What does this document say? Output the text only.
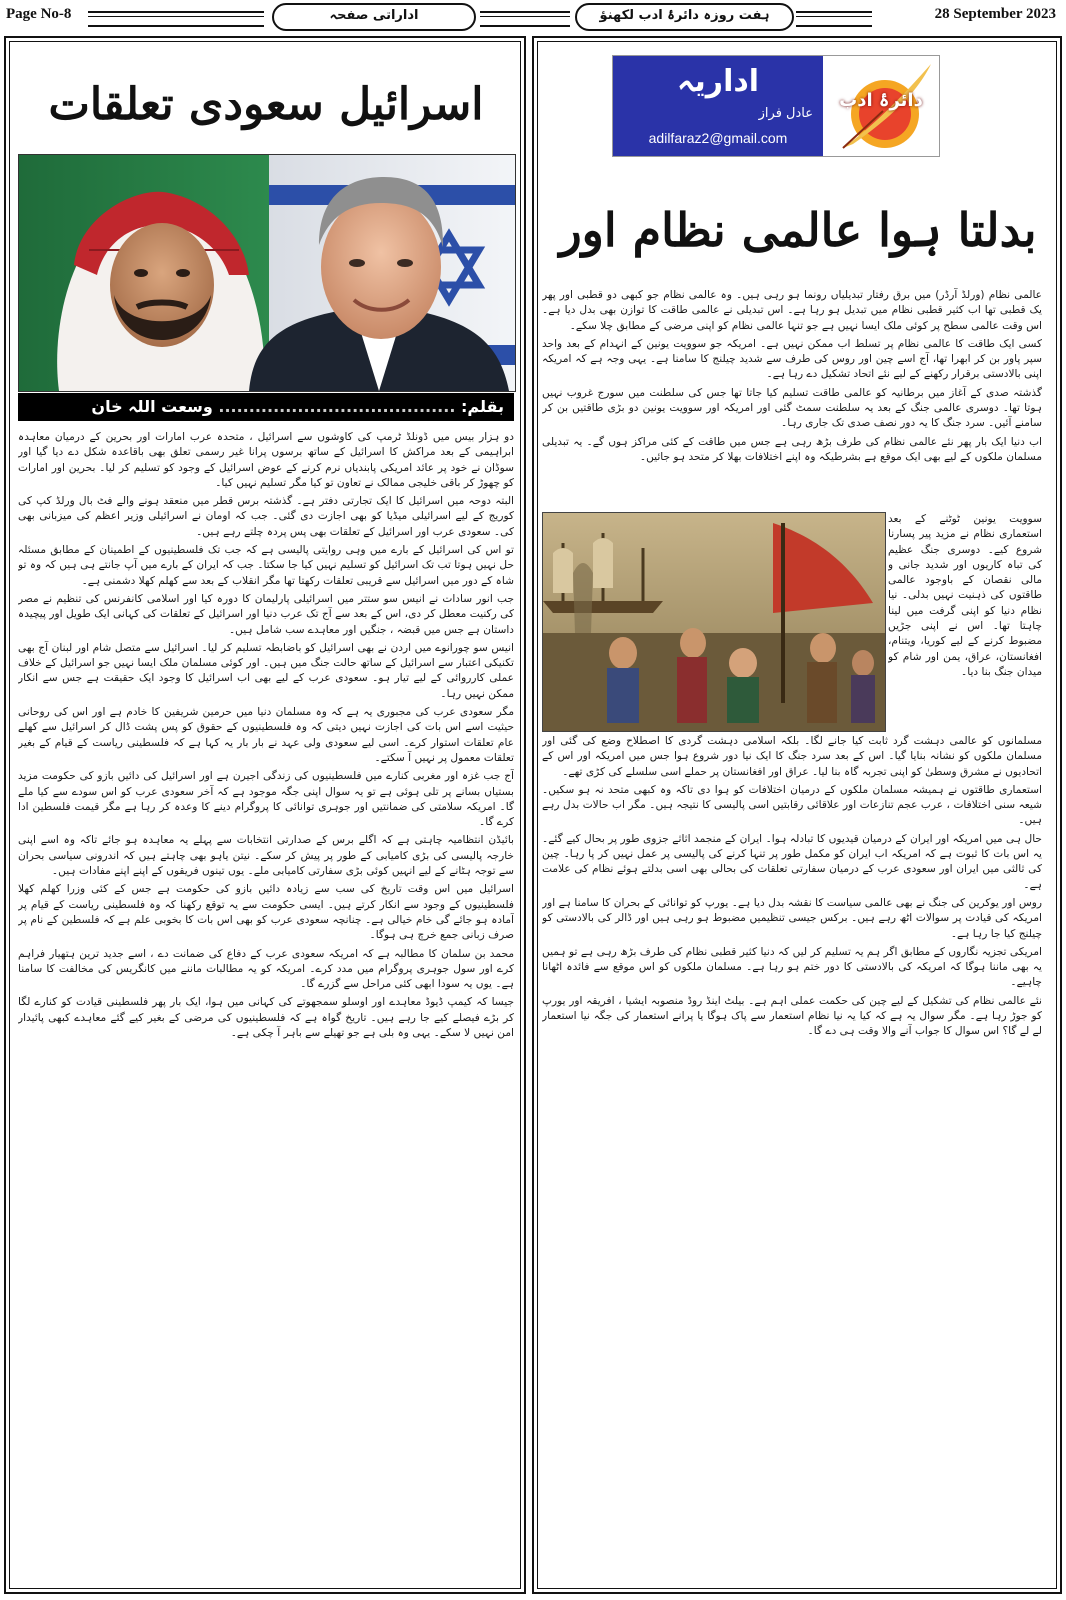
Page No-8	اداراتی صفحہ	ہفت روزہ دائرۂ ادب لکھنؤ	28 September 2023
اسرائیل سعودی تعلقات
بقلم: ....................................... وسعت اللہ خان

دو ہزار بیس میں ڈونلڈ ٹرمپ کی کاوشوں سے اسرائیل ، متحدہ عرب امارات اور بحرین کے درمیان معاہدہ ابراہیمی کے بعد مراکش کا اسرائیل کے ساتھ برسوں پرانا غیر رسمی تعلق بھی باقاعدہ شکل دے دیا گیا اور سوڈان نے خود پر عائد امریکی پابندیاں نرم کرنے کے عوض اسرائیل کے وجود کو تسلیم کر لیا۔ بحرین اور امارات کو چھوڑ کر باقی خلیجی ممالک نے تعاون تو کیا مگر تسلیم نہیں کیا۔

البتہ دوحہ میں اسرائیل کا ایک تجارتی دفتر ہے۔ گذشتہ برس قطر میں منعقد ہونے والے فٹ بال ورلڈ کپ کی کوریج کے لیے اسرائیلی میڈیا کو بھی اجازت دی گئی۔ جب کہ اومان نے اسرائیلی وزیر اعظم کی میزبانی بھی کی۔ سعودی عرب اور اسرائیل کے تعلقات بھی پس پردہ چلتے رہے ہیں۔

تو اس کی اسرائیل کے بارے میں وہی روایتی پالیسی ہے کہ جب تک فلسطینیوں کے اطمینان کے مطابق مسئلہ حل نہیں ہوتا تب تک اسرائیل کو تسلیم نہیں کیا جا سکتا۔ جب کہ ایران کے بارے میں آپ جانتے ہی ہیں کہ وہ تو شاہ کے دور میں اسرائیل سے قریبی تعلقات رکھتا تھا مگر انقلاب کے بعد سے کھلم کھلا دشمنی ہے۔

جب انور سادات نے انیس سو ستتر میں اسرائیلی پارلیمان کا دورہ کیا اور اسلامی کانفرنس کی تنظیم نے مصر کی رکنیت معطل کر دی، اس کے بعد سے آج تک عرب دنیا اور اسرائیل کے تعلقات کی کہانی ایک طویل اور پیچیدہ داستان ہے جس میں قبضہ ، جنگیں اور معاہدے سب شامل ہیں۔

انیس سو چورانوے میں اردن نے بھی اسرائیل کو باضابطہ تسلیم کر لیا۔ اسرائیل سے متصل شام اور لبنان آج بھی تکنیکی اعتبار سے اسرائیل کے ساتھ حالت جنگ میں ہیں۔ اور کوئی مسلمان ملک ایسا نہیں جو اسرائیل کے خلاف عملی کارروائی کے لیے تیار ہو۔ سعودی عرب کے لیے بھی اب اسرائیل کا وجود ایک حقیقت ہے جس سے انکار ممکن نہیں رہا۔

مگر سعودی عرب کی مجبوری یہ ہے کہ وہ مسلمان دنیا میں حرمین شریفین کا خادم ہے اور اس کی روحانی حیثیت اسے اس بات کی اجازت نہیں دیتی کہ وہ فلسطینیوں کے حقوق کو پس پشت ڈال کر اسرائیل سے کھلے عام تعلقات استوار کرے۔ اسی لیے سعودی ولی عہد نے بار بار یہ کہا ہے کہ فلسطینی ریاست کے قیام کے بغیر تعلقات معمول پر نہیں آ سکتے۔

آج جب غزہ اور مغربی کنارے میں فلسطینیوں کی زندگی اجیرن ہے اور اسرائیل کی دائیں بازو کی حکومت مزید بستیاں بسانے پر تلی ہوئی ہے تو یہ سوال اپنی جگہ موجود ہے کہ آخر سعودی عرب کو اس سودے سے کیا ملے گا۔ امریکہ سلامتی کی ضمانتیں اور جوہری توانائی کا پروگرام دینے کا وعدہ کر رہا ہے مگر قیمت فلسطین ادا کرے گا۔

بائیڈن انتظامیہ چاہتی ہے کہ اگلے برس کے صدارتی انتخابات سے پہلے یہ معاہدہ ہو جائے تاکہ وہ اسے اپنی خارجہ پالیسی کی بڑی کامیابی کے طور پر پیش کر سکے۔ نیتن یاہو بھی چاہتے ہیں کہ اندرونی سیاسی بحران سے توجہ ہٹانے کے لیے انہیں کوئی بڑی سفارتی کامیابی ملے۔ یوں تینوں فریقوں کے اپنے اپنے مفادات ہیں۔

اسرائیل میں اس وقت تاریخ کی سب سے زیادہ دائیں بازو کی حکومت ہے جس کے کئی وزرا کھلم کھلا فلسطینیوں کے وجود سے انکار کرتے ہیں۔ ایسی حکومت سے یہ توقع رکھنا کہ وہ فلسطینی ریاست کے قیام پر آمادہ ہو جائے گی خام خیالی ہے۔ چنانچہ سعودی عرب کو بھی اس بات کا بخوبی علم ہے کہ فلسطین کے نام پر صرف زبانی جمع خرچ ہی ہوگا۔

محمد بن سلمان کا مطالبہ ہے کہ امریکہ سعودی عرب کے دفاع کی ضمانت دے ، اسے جدید ترین ہتھیار فراہم کرے اور سول جوہری پروگرام میں مدد کرے۔ امریکہ کو یہ مطالبات ماننے میں کانگریس کی مخالفت کا سامنا ہے۔ یوں یہ سودا ابھی کئی مراحل سے گزرے گا۔

جیسا کہ کیمپ ڈیوڈ معاہدے اور اوسلو سمجھوتے کی کہانی میں ہوا، ایک بار پھر فلسطینی قیادت کو کنارے لگا کر بڑے فیصلے کیے جا رہے ہیں۔ تاریخ گواہ ہے کہ فلسطینیوں کی مرضی کے بغیر کیے گئے معاہدے کبھی پائیدار امن نہیں لا سکے۔ یہی وہ بلی ہے جو تھیلے سے باہر آ چکی ہے۔

اداریہ
عادل فراز
adilfaraz2@gmail.com
دائرۂ ادب
بدلتا ہوا عالمی نظام اور

عالمی نظام (ورلڈ آرڈر) میں برق رفتار تبدیلیاں رونما ہو رہی ہیں۔ وہ عالمی نظام جو کبھی دو قطبی اور پھر یک قطبی تھا اب کثیر قطبی نظام میں تبدیل ہو رہا ہے۔ اس تبدیلی نے عالمی طاقت کا توازن بھی بدل دیا ہے۔ اس وقت عالمی سطح پر کوئی ملک ایسا نہیں ہے جو تنہا عالمی نظام کو اپنی مرضی کے مطابق چلا سکے۔

کسی ایک طاقت کا عالمی نظام پر تسلط اب ممکن نہیں ہے۔ امریکہ جو سوویت یونین کے انہدام کے بعد واحد سپر پاور بن کر ابھرا تھا، آج اسے چین اور روس کی طرف سے شدید چیلنج کا سامنا ہے۔ یہی وجہ ہے کہ امریکہ اپنی بالادستی برقرار رکھنے کے لیے نئے اتحاد تشکیل دے رہا ہے۔

گذشتہ صدی کے آغاز میں برطانیہ کو عالمی طاقت تسلیم کیا جاتا تھا جس کی سلطنت میں سورج غروب نہیں ہوتا تھا۔ دوسری عالمی جنگ کے بعد یہ سلطنت سمٹ گئی اور امریکہ اور سوویت یونین دو بڑی طاقتیں بن کر سامنے آئیں۔ سرد جنگ کا یہ دور نصف صدی تک جاری رہا۔

اب دنیا ایک بار پھر نئے عالمی نظام کی طرف بڑھ رہی ہے جس میں طاقت کے کئی مراکز ہوں گے۔ یہ تبدیلی مسلمان ملکوں کے لیے بھی ایک موقع ہے بشرطیکہ وہ اپنے اختلافات بھلا کر متحد ہو جائیں۔

سوویت یونین ٹوٹنے کے بعد استعماری نظام نے مزید پیر پسارنا شروع کیے۔ دوسری جنگ عظیم کی تباہ کاریوں اور شدید جانی و مالی نقصان کے باوجود عالمی طاقتوں کی ذہنیت نہیں بدلی۔ نیا نظام دنیا کو اپنی گرفت میں لینا چاہتا تھا۔ اس نے اپنی جڑیں مضبوط کرنے کے لیے کوریا، ویتنام، افغانستان، عراق، یمن اور شام کو میدان جنگ بنا دیا۔

مسلمانوں کو عالمی دہشت گرد ثابت کیا جانے لگا۔ بلکہ اسلامی دہشت گردی کا اصطلاح وضع کی گئی اور مسلمان ملکوں کو نشانہ بنایا گیا۔ اس کے بعد سرد جنگ کا ایک نیا دور شروع ہوا جس میں امریکہ اور اس کے اتحادیوں نے مشرق وسطیٰ کو اپنی تجربہ گاہ بنا لیا۔ عراق اور افغانستان پر حملے اسی سلسلے کی کڑی تھے۔

استعماری طاقتوں نے ہمیشہ مسلمان ملکوں کے درمیان اختلافات کو ہوا دی تاکہ وہ کبھی متحد نہ ہو سکیں۔ شیعہ سنی اختلافات ، عرب عجم تنازعات اور علاقائی رقابتیں اسی پالیسی کا نتیجہ ہیں۔ مگر اب حالات بدل رہے ہیں۔

حال ہی میں امریکہ اور ایران کے درمیان قیدیوں کا تبادلہ ہوا۔ ایران کے منجمد اثاثے جزوی طور پر بحال کیے گئے۔ یہ اس بات کا ثبوت ہے کہ امریکہ اب ایران کو مکمل طور پر تنہا کرنے کی پالیسی پر عمل نہیں کر پا رہا۔ چین کی ثالثی میں ایران اور سعودی عرب کے درمیان سفارتی تعلقات کی بحالی بھی اسی بدلتے ہوئے نظام کی علامت ہے۔

روس اور یوکرین کی جنگ نے بھی عالمی سیاست کا نقشہ بدل دیا ہے۔ یورپ کو توانائی کے بحران کا سامنا ہے اور امریکہ کی قیادت پر سوالات اٹھ رہے ہیں۔ برکس جیسی تنظیمیں مضبوط ہو رہی ہیں اور ڈالر کی بالادستی کو چیلنج کیا جا رہا ہے۔

امریکی تجزیہ نگاروں کے مطابق اگر ہم یہ تسلیم کر لیں کہ دنیا کثیر قطبی نظام کی طرف بڑھ رہی ہے تو ہمیں یہ بھی ماننا ہوگا کہ امریکہ کی بالادستی کا دور ختم ہو رہا ہے۔ مسلمان ملکوں کو اس موقع سے فائدہ اٹھانا چاہیے۔

نئے عالمی نظام کی تشکیل کے لیے چین کی حکمت عملی اہم ہے۔ بیلٹ اینڈ روڈ منصوبہ ایشیا ، افریقہ اور یورپ کو جوڑ رہا ہے۔ مگر سوال یہ ہے کہ کیا یہ نیا نظام استعمار سے پاک ہوگا یا پرانے استعمار کی جگہ نیا استعمار لے لے گا؟ اس سوال کا جواب آنے والا وقت ہی دے گا۔
